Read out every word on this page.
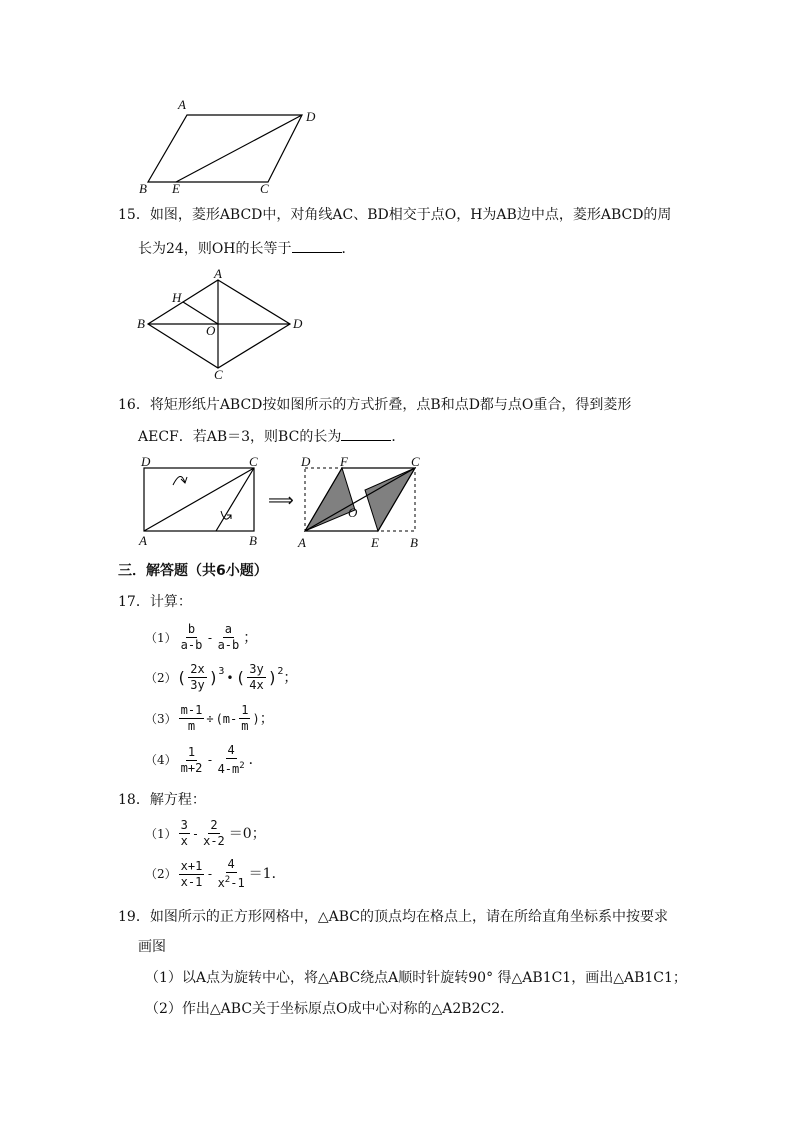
A
D
B E	C
15．如图，菱形ABCD中，对角线AC、BD相交于点O，H为AB边中点，菱形ABCD的周
长为24，则OH的长等于	．
A
H
B	O	D
C
16．将矩形纸片ABCD按如图所示的方式折叠，点B和点D都与点O重合，得到菱形
AECF．若AB＝3，则BC的长为	．
D	C
A	B
⟹
D F	C
O
A	E B
三．解答题（共6小题）
17．计算：
$(1) \frac{b}{a-b} - \frac{a}{a-b}$ ；
（2） ( $\frac{2x}{3y}$ ) 3 • ( $\frac{3y}{4x}$ ) 2 ；
$(3) \frac{m-1}{m} \div (m- \frac{1}{m}$ ) ；
$(4) \frac{1}{m+2} - \frac{4}{4-m^2}$ ．
18．解方程：
$(1) \frac{3}{x} - \frac{2}{x-2} =0$；
$(2) \frac{x+1}{x-1} - \frac{4}{x^2-1} =1$．
19．如图所示的正方形网格中，△ABC的顶点均在格点上，请在所给直角坐标系中按要求
画图
（1）以A点为旋转中心，将△ABC绕点A顺时针旋转90° 得△AB1C1，画出△AB1C1；
（2）作出△ABC关于坐标原点O成中心对称的△A2B2C2．
